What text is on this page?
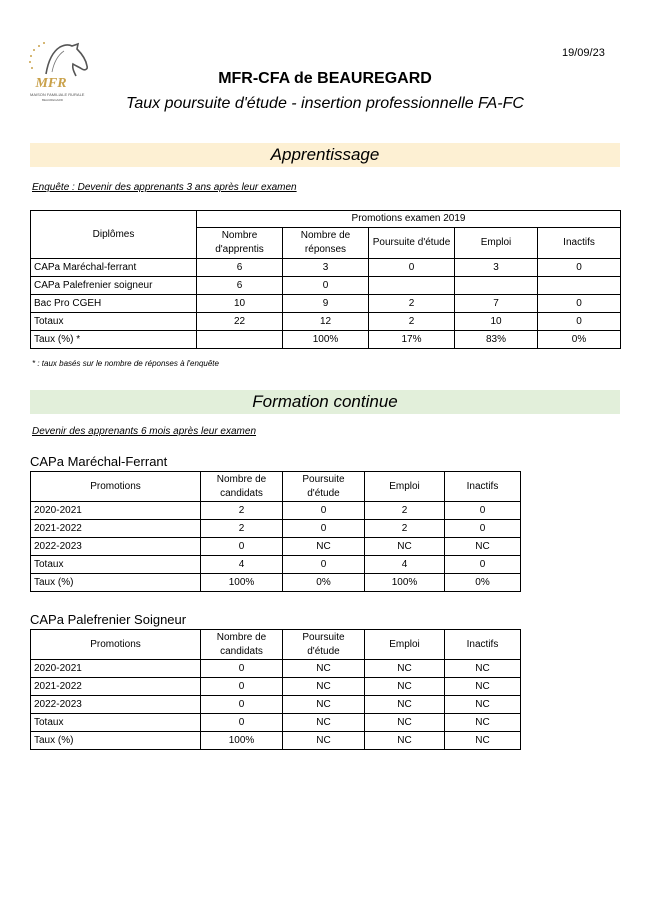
MFR
MAISON FAMILIALE RURALE
BEAUREGARD
19/09/23
MFR-CFA de BEAUREGARD
Taux poursuite d'étude - insertion professionnelle FA-FC
Apprentissage
Enquête : Devenir des apprenants 3 ans après leur examen
Diplômes	Promotions examen 2019				
	Nombre d'apprentis	Nombre de réponses	Poursuite d'étude	Emploi	Inactifs
CAPa Maréchal-ferrant	6	3	0	3	0
CAPa Palefrenier soigneur	6	0			
Bac Pro CGEH	10	9	2	7	0
Totaux	22	12	2	10	0
Taux (%) *		100%	17%	83%	0%
* : taux basés sur le nombre de réponses à l'enquête
Formation continue
Devenir des apprenants 6 mois après leur examen
CAPa Maréchal-Ferrant
Promotions	Nombre de candidats	Poursuite d'étude	Emploi	Inactifs
2020-2021	2	0	2	0
2021-2022	2	0	2	0
2022-2023	0	NC	NC	NC
Totaux	4	0	4	0
Taux (%)	100%	0%	100%	0%
CAPa Palefrenier Soigneur
Promotions	Nombre de candidats	Poursuite d'étude	Emploi	Inactifs
2020-2021	0	NC	NC	NC
2021-2022	0	NC	NC	NC
2022-2023	0	NC	NC	NC
Totaux	0	NC	NC	NC
Taux (%)	100%	NC	NC	NC
